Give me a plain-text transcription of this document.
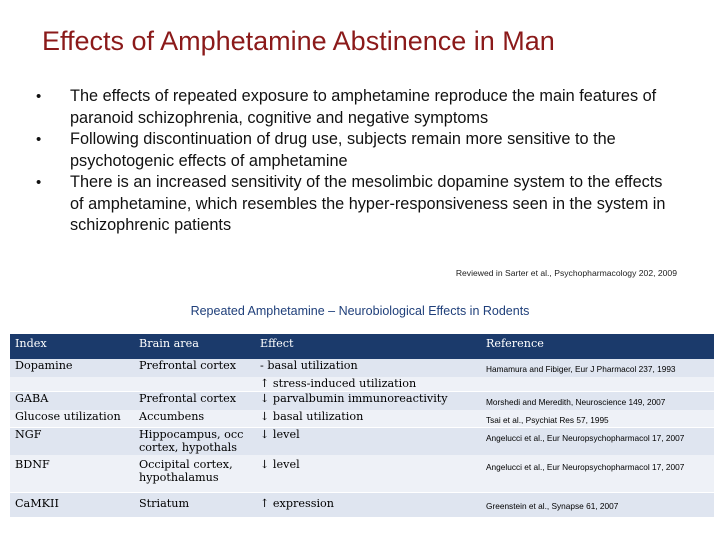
Effects of Amphetamine Abstinence in Man
• The effects of repeated exposure to amphetamine reproduce the main features of paranoid schizophrenia, cognitive and negative symptoms
• Following discontinuation of drug use, subjects remain more sensitive to the psychotogenic effects of amphetamine
• There is an increased sensitivity of the mesolimbic dopamine system to the effects of amphetamine, which resembles the hyper-responsiveness seen in the system in schizophrenic patients
Reviewed in Sarter et al., Psychopharmacology 202, 2009
Repeated Amphetamine – Neurobiological Effects in Rodents
Index	Brain area	Effect	Reference
Dopamine	Prefrontal cortex	- basal utilization	Hamamura and Fibiger, Eur J Pharmacol 237, 1993
		↑ stress-induced utilization	
GABA	Prefrontal cortex	↓ parvalbumin immunoreactivity	Morshedi and Meredith, Neuroscience 149, 2007
Glucose utilization	Accumbens	↓ basal utilization	Tsai et al., Psychiat Res 57, 1995
NGF	Hippocampus, occ cortex, hypothals	↓ level	Angelucci et al., Eur Neuropsychopharmacol 17, 2007
BDNF	Occipital cortex, hypothalamus	↓ level	Angelucci et al., Eur Neuropsychopharmacol 17, 2007
CaMKII	Striatum	↑ expression	Greenstein et al., Synapse 61, 2007
